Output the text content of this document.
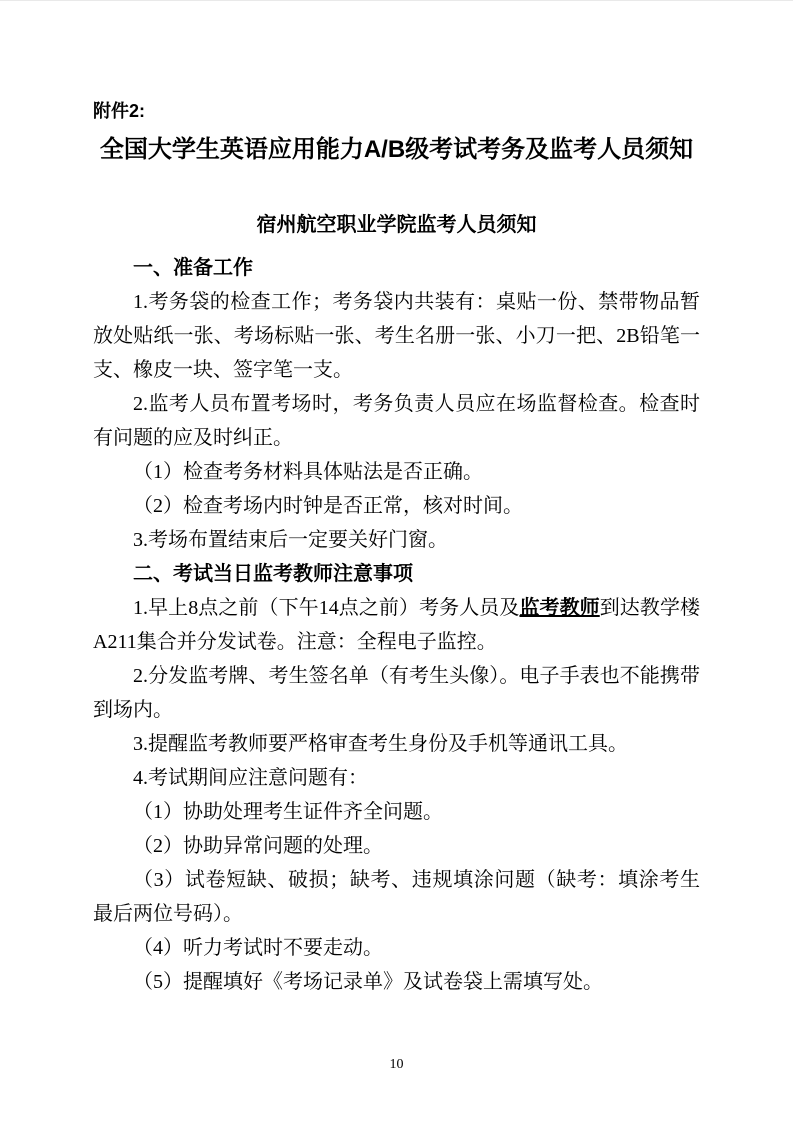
附件2:

全国大学生英语应用能力A/B级考试考务及监考人员须知
宿州航空职业学院监考人员须知

一、准备工作

1.考务袋的检查工作；考务袋内共装有：桌贴一份、禁带物品暂放处贴纸一张、考场标贴一张、考生名册一张、小刀一把、2B铅笔一支、橡皮一块、签字笔一支。

2.监考人员布置考场时，考务负责人员应在场监督检查。检查时有问题的应及时纠正。

（1）检查考务材料具体贴法是否正确。

（2）检查考场内时钟是否正常，核对时间。

3.考场布置结束后一定要关好门窗。

二、考试当日监考教师注意事项

1.早上8点之前（下午14点之前）考务人员及监考教师到达教学楼A211集合并分发试卷。注意：全程电子监控。

2.分发监考牌、考生签名单（有考生头像）。电子手表也不能携带到场内。

3.提醒监考教师要严格审查考生身份及手机等通讯工具。

4.考试期间应注意问题有：

（1）协助处理考生证件齐全问题。

（2）协助异常问题的处理。

（3）试卷短缺、破损；缺考、违规填涂问题（缺考：填涂考生最后两位号码）。

（4）听力考试时不要走动。

（5）提醒填好《考场记录单》及试卷袋上需填写处。

10
